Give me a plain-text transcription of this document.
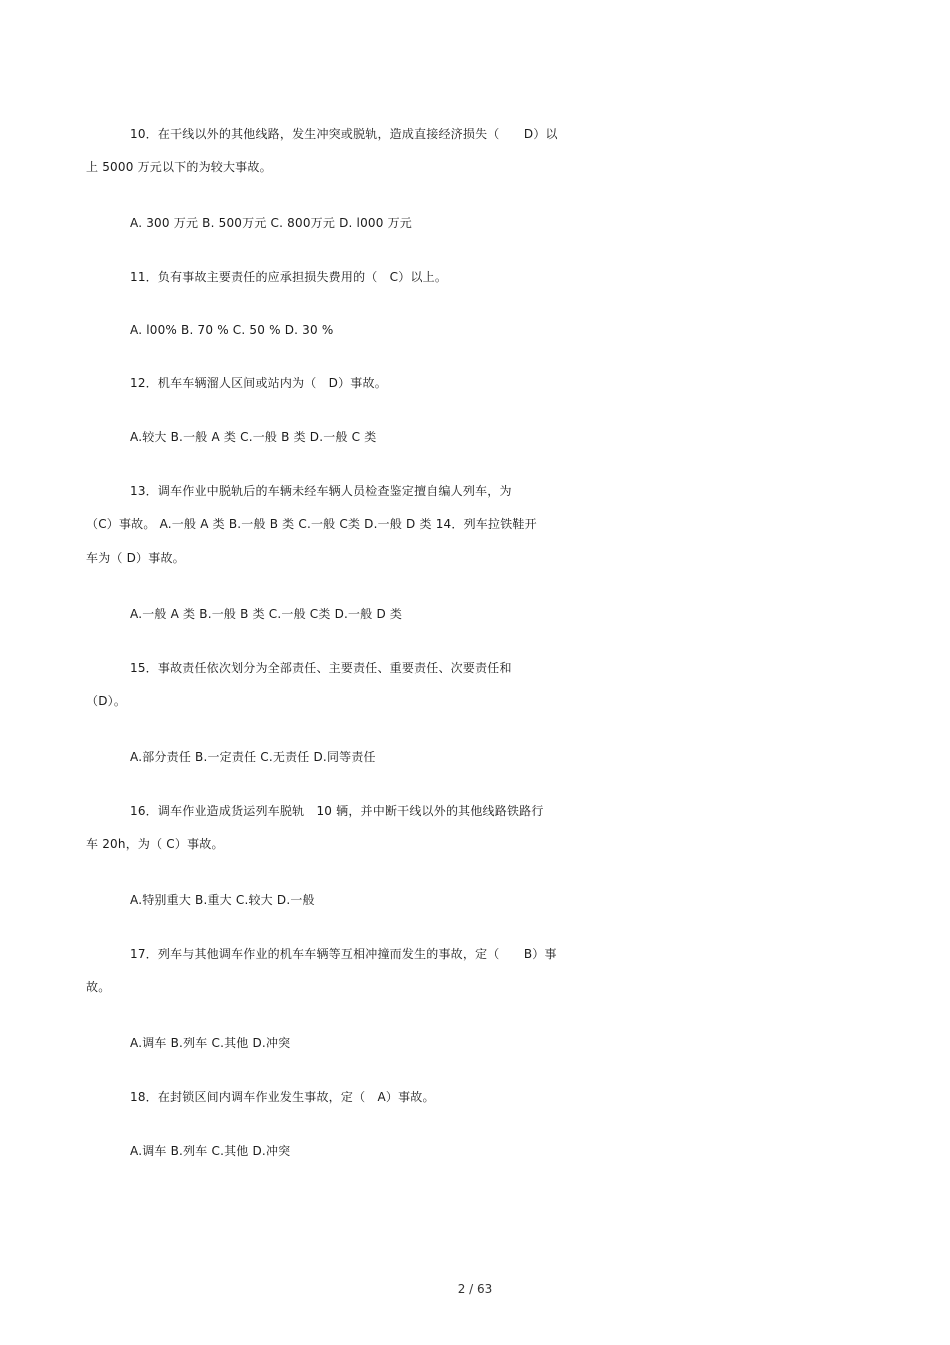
10．在干线以外的其他线路，发生冲突或脱轨，造成直接经济损失（　　D）以
上 5000 万元以下的为较大事故。
A. 300 万元 B. 500万元 C. 800万元 D. l000 万元
11．负有事故主要责任的应承担损失费用的（　C）以上。
A. l00% B. 70 % C. 50 % D. 30 %
12．机车车辆溜人区间或站内为（　D）事故。
A.较大 B.一般 A 类 C.一般 B 类 D.一般 C 类
13．调车作业中脱轨后的车辆未经车辆人员检查鉴定擅自编人列车，为
（C）事故。 A.一般 A 类 B.一般 B 类 C.一般 C类 D.一般 D 类 14．列车拉铁鞋开
车为（ D）事故。
A.一般 A 类 B.一般 B 类 C.一般 C类 D.一般 D 类
15．事故责任依次划分为全部责任、主要责任、重要责任、次要责任和
（D）。
A.部分责任 B.一定责任 C.无责任 D.同等责任
16．调车作业造成货运列车脱轨　10 辆，并中断干线以外的其他线路铁路行
车 20h，为（ C）事故。
A.特别重大 B.重大 C.较大 D.一般
17．列车与其他调车作业的机车车辆等互相冲撞而发生的事故，定（　　B）事
故。
A.调车 B.列车 C.其他 D.冲突
18．在封锁区间内调车作业发生事故，定（　A）事故。
A.调车 B.列车 C.其他 D.冲突
2 / 63
